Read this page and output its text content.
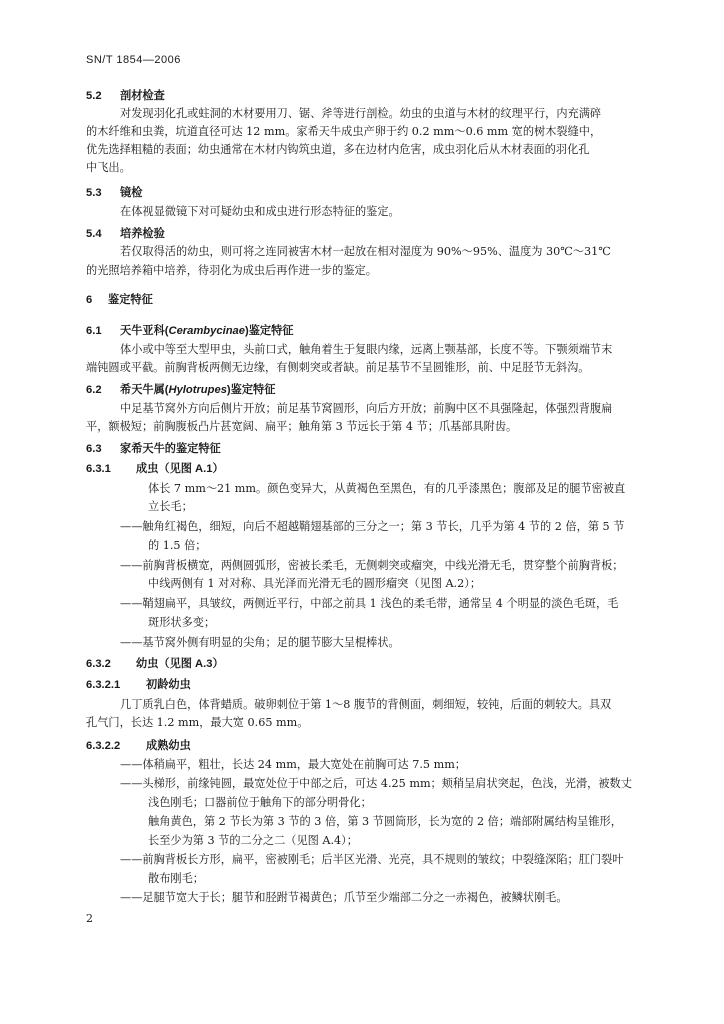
SN/T 1854—2006
5.2 剖材检查
对发现羽化孔或蛀洞的木材要用刀、锯、斧等进行剖检。幼虫的虫道与木材的纹理平行，内充满碎
的木纤维和虫粪，坑道直径可达 12 mm。家希天牛成虫产卵于约 0.2 mm～0.6 mm 宽的树木裂缝中，
优先选择粗糙的表面；幼虫通常在木材内钩筑虫道，多在边材内危害，成虫羽化后从木材表面的羽化孔
中飞出。
5.3 镜检
在体视显微镜下对可疑幼虫和成虫进行形态特征的鉴定。
5.4 培养检验
若仅取得活的幼虫，则可将之连同被害木材一起放在相对湿度为 90%～95%、温度为 30℃～31℃
的光照培养箱中培养，待羽化为成虫后再作进一步的鉴定。
6 鉴定特征
6.1 天牛亚科(Cerambycinae)鉴定特征
体小或中等至大型甲虫，头前口式，触角着生于复眼内缘，远离上颚基部，长度不等。下颚须端节末
端钝圆或平截。前胸背板两侧无边缘，有侧刺突或者缺。前足基节不呈圆锥形，前、中足胫节无斜沟。
6.2 希天牛属(Hylotrupes)鉴定特征
中足基节窝外方向后侧片开放；前足基节窝圆形，向后方开放；前胸中区不具强隆起，体强烈背腹扁
平，额极短；前胸腹板凸片甚宽阔、扁平；触角第 3 节远长于第 4 节；爪基部具附齿。
6.3 家希天牛的鉴定特征
6.3.1 成虫（见图 A.1）
体长 7 mm～21 mm。颜色变异大，从黄褐色至黑色，有的几乎漆黑色；腹部及足的腿节密被直
立长毛；
——触角红褐色，细短，向后不超越鞘翅基部的三分之一；第 3 节长，几乎为第 4 节的 2 倍，第 5 节
的 1.5 倍；
——前胸背板横宽，两侧圆弧形，密被长柔毛，无侧刺突或瘤突，中线光滑无毛，贯穿整个前胸背板；
中线两侧有 1 对对称、具光泽而光滑无毛的圆形瘤突（见图 A.2）；
——鞘翅扁平，具皱纹，两侧近平行，中部之前具 1 浅色的柔毛带，通常呈 4 个明显的淡色毛斑，毛
斑形状多变；
——基节窝外侧有明显的尖角；足的腿节膨大呈棍棒状。
6.3.2 幼虫（见图 A.3）
6.3.2.1 初龄幼虫
几丁质乳白色，体背蜡质。破卵刺位于第 1～8 腹节的背侧面，刺细短，较钝，后面的刺较大。具双
孔气门，长达 1.2 mm，最大宽 0.65 mm。
6.3.2.2 成熟幼虫
——体稍扁平，粗壮，长达 24 mm，最大宽处在前胸可达 7.5 mm；
——头梯形，前缘钝圆，最宽处位于中部之后，可达 4.25 mm；颊稍呈肩状突起，色浅，光滑，被数丈
浅色刚毛；口器前位于触角下的部分明骨化；
触角黄色，第 2 节长为第 3 节的 3 倍，第 3 节圆筒形，长为宽的 2 倍；端部附属结构呈锥形，
长至少为第 3 节的二分之二（见图 A.4）；
——前胸背板长方形，扁平，密被刚毛；后半区光滑、光亮，具不规则的皱纹；中裂缝深陷；肛门裂叶
散布刚毛；
——足腿节宽大于长；腿节和胫跗节褐黄色；爪节至少端部二分之一赤褐色，被鳞状刚毛。
2
